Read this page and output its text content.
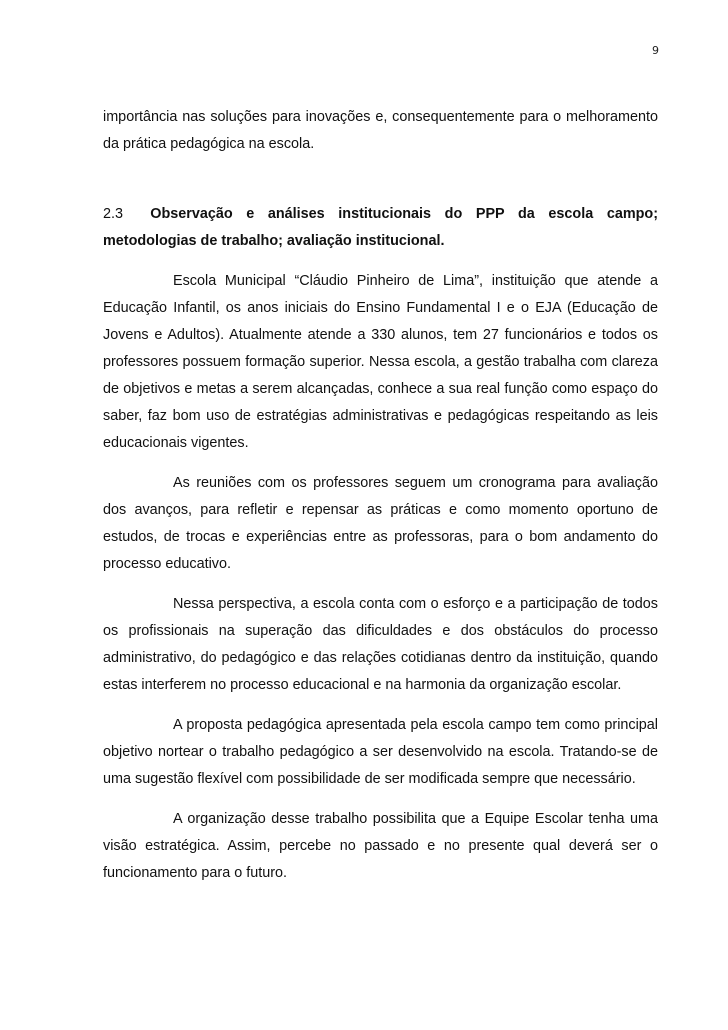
9

importância nas soluções para inovações e, consequentemente para o melhoramento da prática pedagógica na escola.

2.3 Observação e análises institucionais do PPP da escola campo; metodologias de trabalho; avaliação institucional.

Escola Municipal “Cláudio Pinheiro de Lima”, instituição que atende a Educação Infantil, os anos iniciais do Ensino Fundamental I e o EJA (Educação de Jovens e Adultos). Atualmente atende a 330 alunos, tem 27 funcionários e todos os professores possuem formação superior. Nessa escola, a gestão trabalha com clareza de objetivos e metas a serem alcançadas, conhece a sua real função como espaço do saber, faz bom uso de estratégias administrativas e pedagógicas respeitando as leis educacionais vigentes.

As reuniões com os professores seguem um cronograma para avaliação dos avanços, para refletir e repensar as práticas e como momento oportuno de estudos, de trocas e experiências entre as professoras, para o bom andamento do processo educativo.

Nessa perspectiva, a escola conta com o esforço e a participação de todos os profissionais na superação das dificuldades e dos obstáculos do processo administrativo, do pedagógico e das relações cotidianas dentro da instituição, quando estas interferem no processo educacional e na harmonia da organização escolar.

A proposta pedagógica apresentada pela escola campo tem como principal objetivo nortear o trabalho pedagógico a ser desenvolvido na escola. Tratando-se de uma sugestão flexível com possibilidade de ser modificada sempre que necessário.

A organização desse trabalho possibilita que a Equipe Escolar tenha uma visão estratégica. Assim, percebe no passado e no presente qual deverá ser o funcionamento para o futuro.
